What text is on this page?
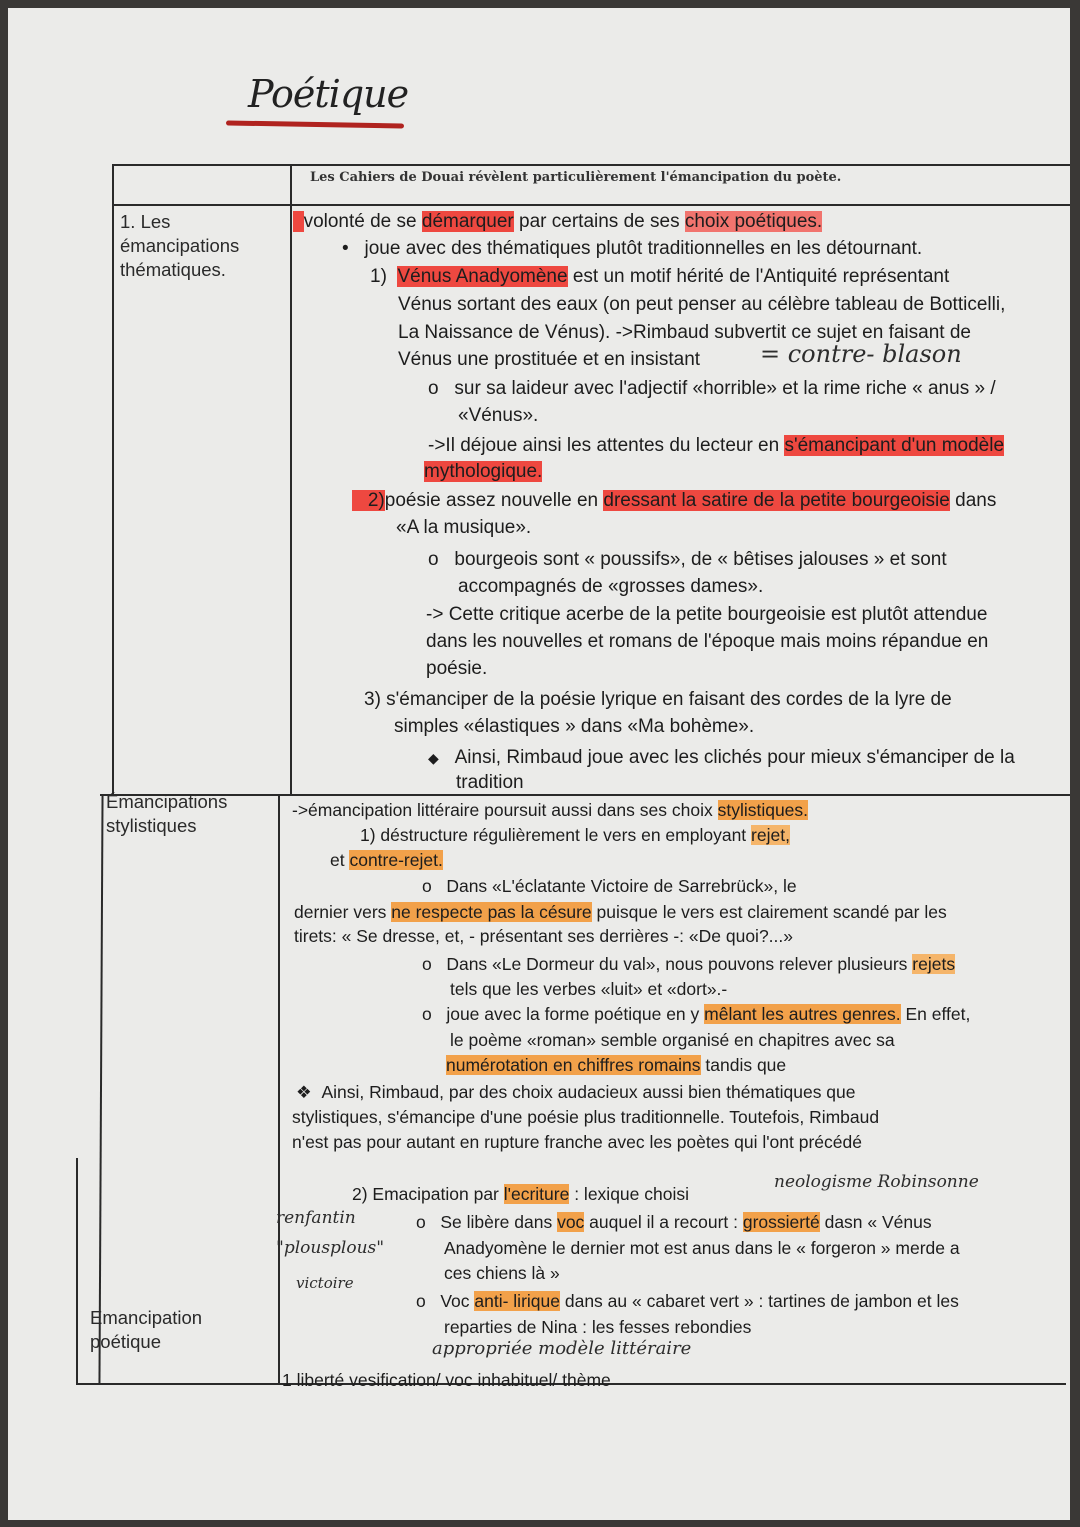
Poétique
Les Cahiers de Douai révèlent particulièrement l'émancipation du poète.
1. Les
émancipations
thématiques.
Émancipations
stylistiques
Emancipation
poétique
volonté de se démarquer par certains de ses choix poétiques.
• joue avec des thématiques plutôt traditionnelles en les détournant.
1) Vénus Anadyomène est un motif hérité de l'Antiquité représentant
Vénus sortant des eaux (on peut penser au célèbre tableau de Botticelli,
La Naissance de Vénus). ->Rimbaud subvertit ce sujet en faisant de
Vénus une prostituée et en insistant = contre- blason
o sur sa laideur avec l'adjectif «horrible» et la rime riche « anus » /
«Vénus».
->Il déjoue ainsi les attentes du lecteur en s'émancipant d'un modèle
mythologique.
2)poésie assez nouvelle en dressant la satire de la petite bourgeoisie dans
«A la musique».
o bourgeois sont « poussifs», de « bêtises jalouses » et sont
accompagnés de «grosses dames».
-> Cette critique acerbe de la petite bourgeoisie est plutôt attendue
dans les nouvelles et romans de l'époque mais moins répandue en
poésie.
3) s'émanciper de la poésie lyrique en faisant des cordes de la lyre de
simples «élastiques » dans «Ma bohème».
◆ Ainsi, Rimbaud joue avec les clichés pour mieux s'émanciper de la
tradition
->émancipation littéraire poursuit aussi dans ses choix stylistiques.
1) déstructure régulièrement le vers en employant rejet,
et contre-rejet.
o Dans «L'éclatante Victoire de Sarrebrück», le
dernier vers ne respecte pas la césure puisque le vers est clairement scandé par les
tirets: « Se dresse, et, - présentant ses derrières -: «De quoi?...»
o Dans «Le Dormeur du val», nous pouvons relever plusieurs rejets
tels que les verbes «luit» et «dort».-
o joue avec la forme poétique en y mêlant les autres genres. En effet,
le poème «roman» semble organisé en chapitres avec sa
numérotation en chiffres romains tandis que
❖ Ainsi, Rimbaud, par des choix audacieux aussi bien thématiques que
stylistiques, s'émancipe d'une poésie plus traditionnelle. Toutefois, Rimbaud
n'est pas pour autant en rupture franche avec les poètes qui l'ont précédé
2) Emacipation par l'ecriture : lexique choisi
neologisme Robinsonne
renfantin
"plousplous"
victoire
o Se libère dans voc auquel il a recourt : grossierté dasn « Vénus
Anadyomène le dernier mot est anus dans le « forgeron » merde a
ces chiens là »
o Voc anti- lirique dans au « cabaret vert » : tartines de jambon et les
reparties de Nina : les fesses rebondies
appropriée modèle littéraire
1 liberté vesification/ voc inhabituel/ thème
